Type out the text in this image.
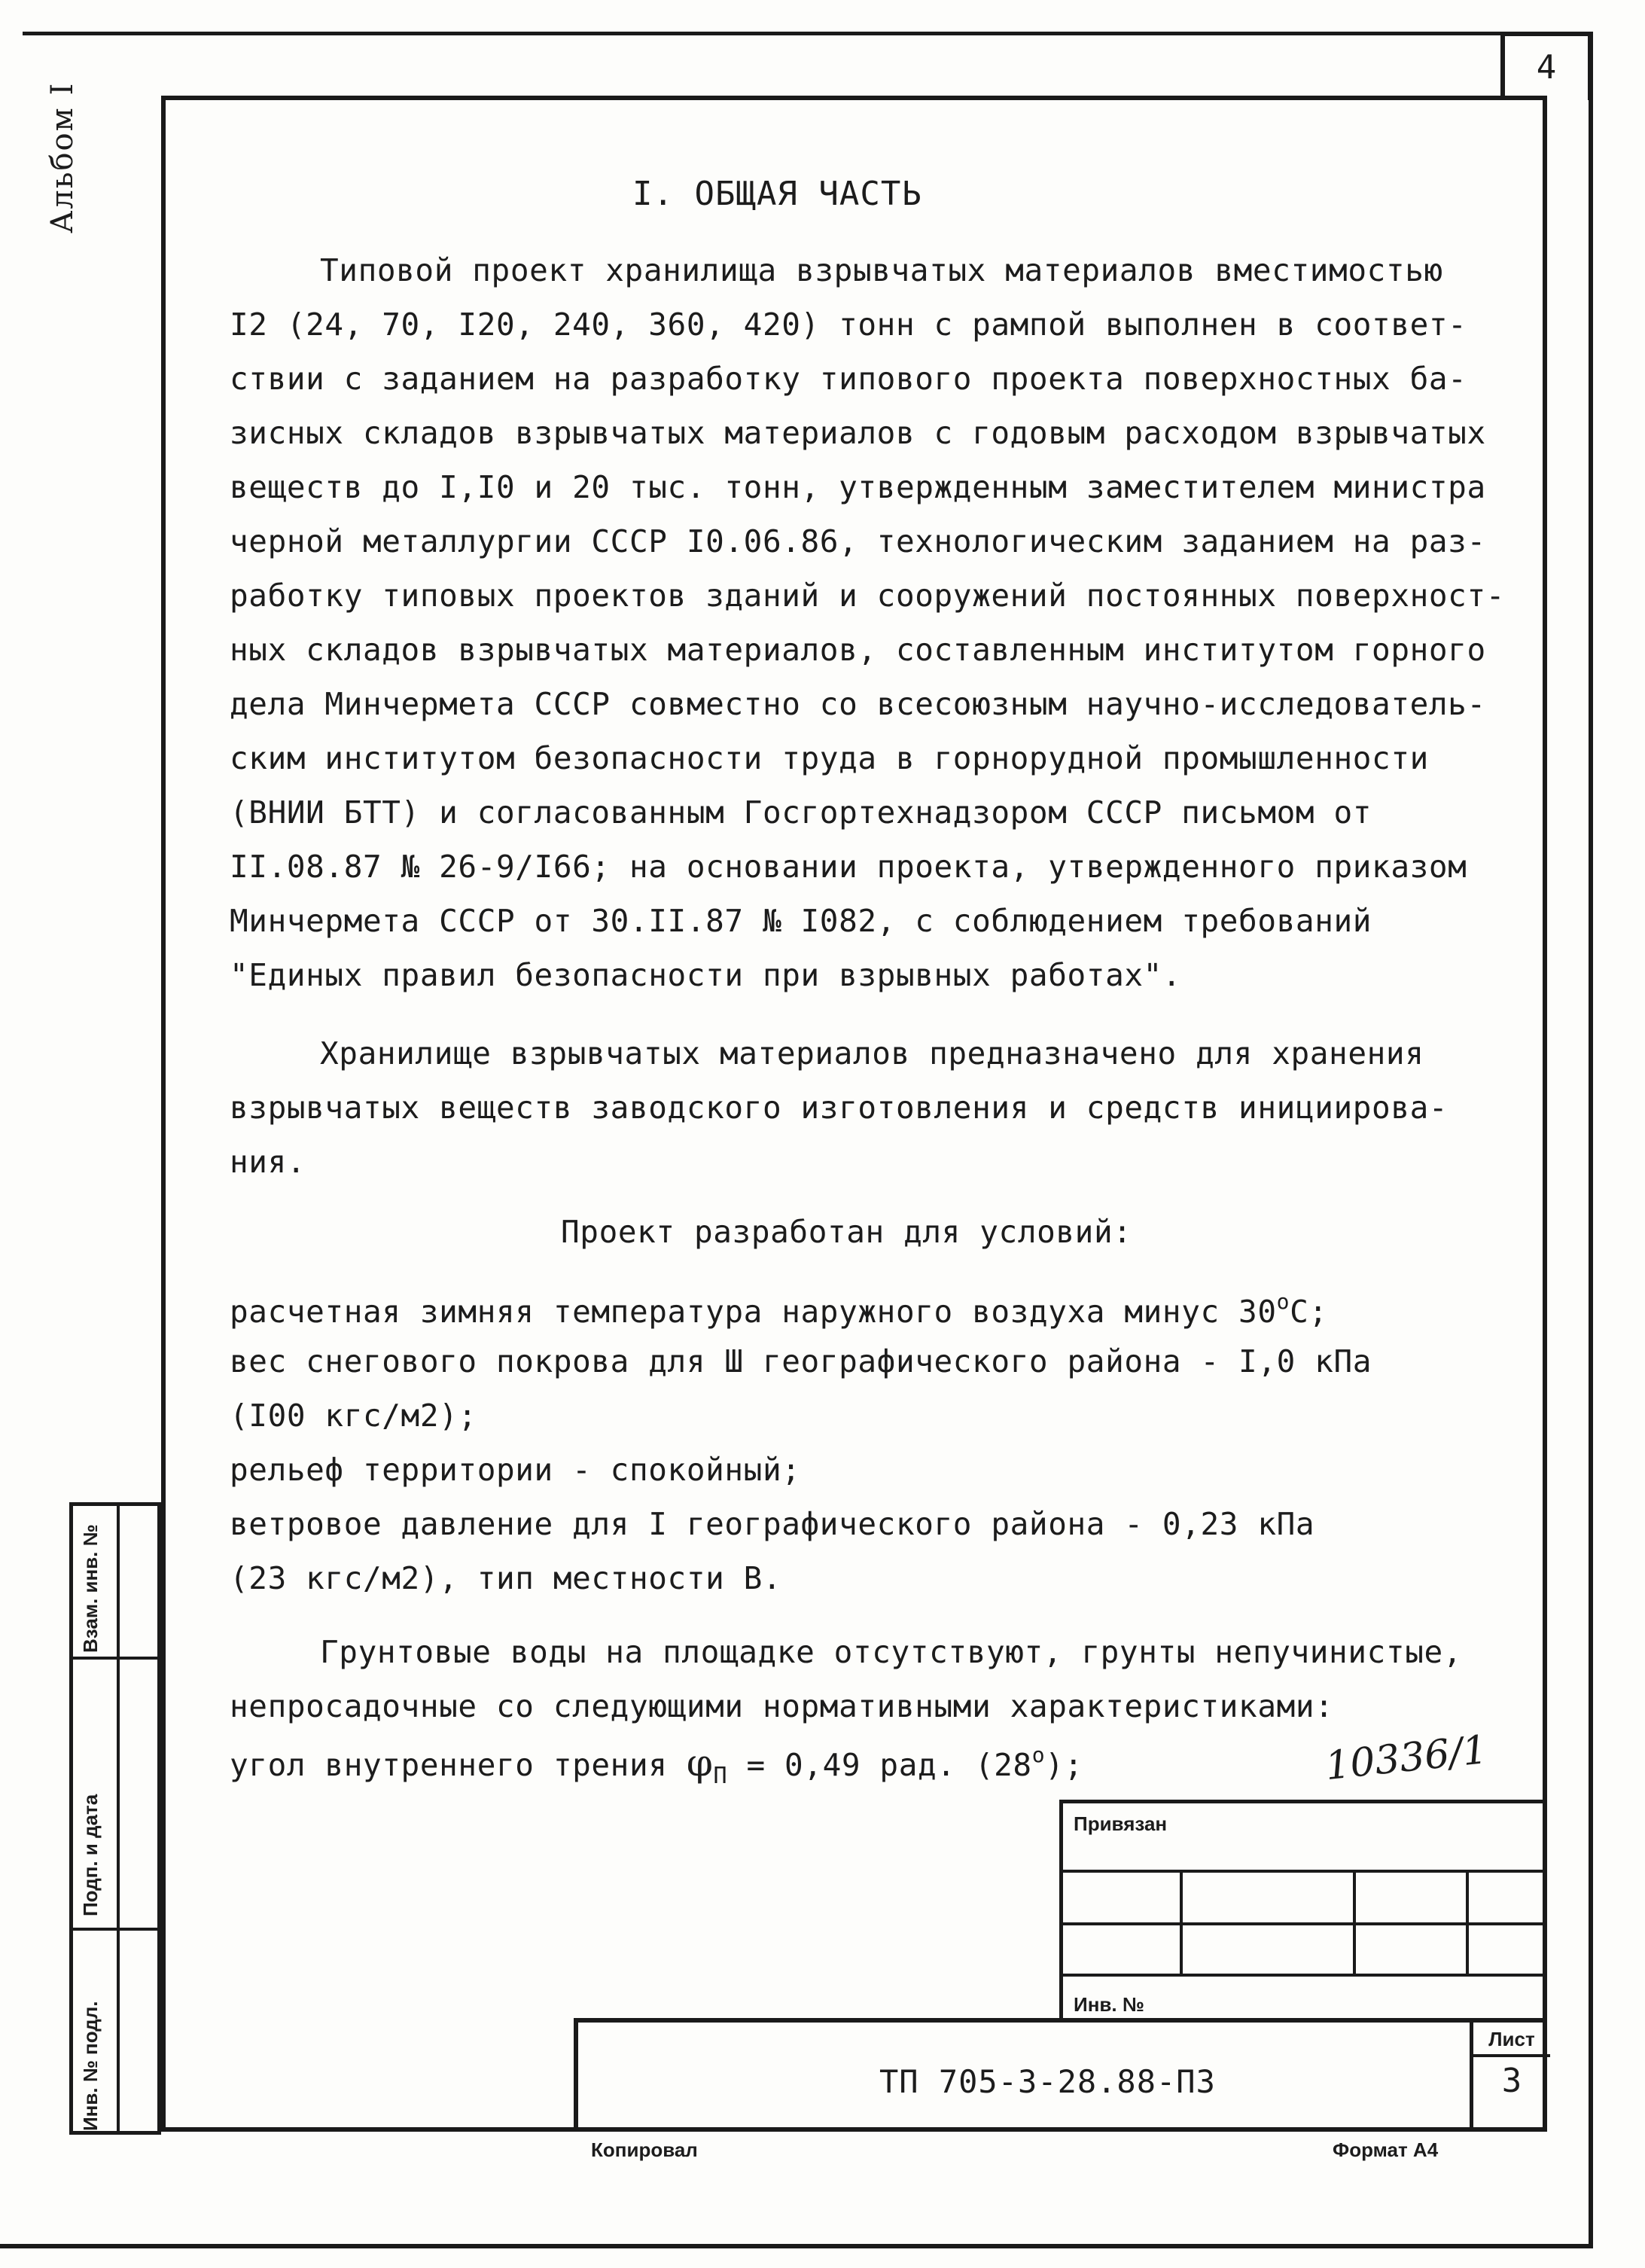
4
Альбом I
Взам. инв. №
Подп. и дата
Инв. № подл.
I. ОБЩАЯ ЧАСТЬ
Типовой проект хранилища взрывчатых материалов вместимостью
I2 (24, 70, I20, 240, 360, 420) тонн с рампой выполнен в соответ-
ствии с заданием на разработку типового проекта поверхностных ба-
зисных складов взрывчатых материалов с годовым расходом взрывчатых
веществ до I,I0 и 20 тыс. тонн, утвержденным заместителем министра
черной металлургии СССР I0.06.86, технологическим заданием на раз-
работку типовых проектов зданий и сооружений постоянных поверхност-
ных складов взрывчатых материалов, составленным институтом горного
дела Минчермета СССР совместно со всесоюзным научно-исследователь-
ским институтом безопасности труда в горнорудной промышленности
(ВНИИ БТТ) и согласованным Госгортехнадзором СССР письмом от
II.08.87 № 26-9/I66; на основании проекта, утвержденного приказом
Минчермета СССР от 30.II.87 № I082, с соблюдением требований
"Единых правил безопасности при взрывных работах".
Хранилище взрывчатых материалов предназначено для хранения
взрывчатых веществ заводского изготовления и средств инициирова-
ния.
Проект разработан для условий:
расчетная зимняя температура наружного воздуха минус $30^оС$;
вес снегового покрова для Ш географического района - I,0 кПа
(I00 кгс/м2);
рельеф территории - спокойный;
ветровое давление для I географического района - 0,23 кПа
(23 кгс/м2), тип местности В.
Грунтовые воды на площадке отсутствуют, грунты непучинистые,
непросадочные со следующими нормативными характеристиками:
угол внутреннего трения $\varphi_П = 0,49$ рад. $(28^о)$;	10336/1
Привязан
Инв. №
ТП 705-3-28.88-ПЗ
Лист
3
Копировал	Формат А4
